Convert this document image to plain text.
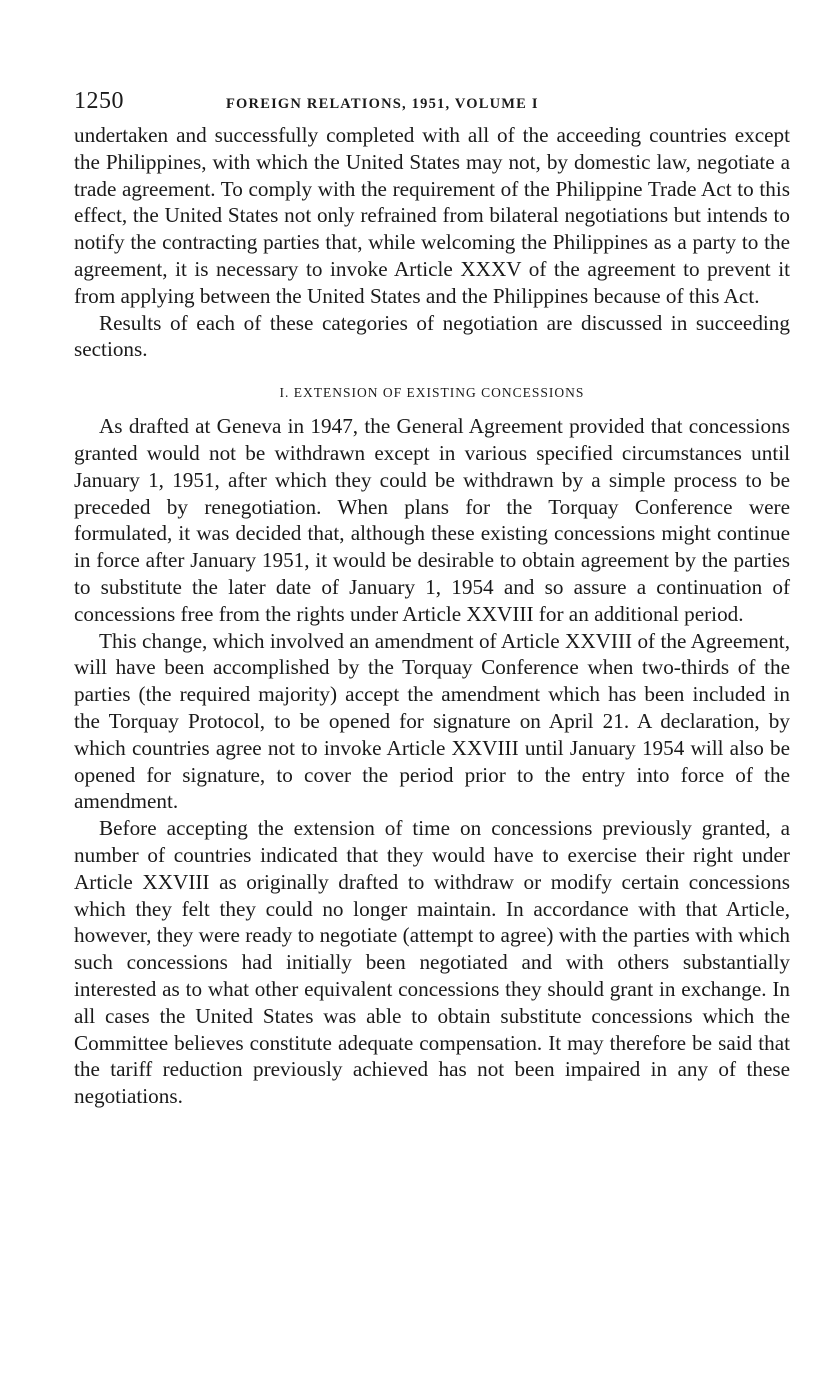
1250	FOREIGN RELATIONS, 1951, VOLUME I

undertaken and successfully completed with all of the acceeding countries except the Philippines, with which the United States may not, by domestic law, negotiate a trade agreement. To comply with the requirement of the Philippine Trade Act to this effect, the United States not only refrained from bilateral negotiations but intends to notify the contracting parties that, while welcoming the Philippines as a party to the agreement, it is necessary to invoke Article XXXV of the agreement to prevent it from applying between the United States and the Philippines because of this Act.

Results of each of these categories of negotiation are discussed in succeeding sections.

I. EXTENSION OF EXISTING CONCESSIONS

As drafted at Geneva in 1947, the General Agreement provided that concessions granted would not be withdrawn except in various specified circumstances until January 1, 1951, after which they could be withdrawn by a simple process to be preceded by renegotiation. When plans for the Torquay Conference were formulated, it was decided that, although these existing concessions might continue in force after January 1951, it would be desirable to obtain agreement by the parties to substitute the later date of January 1, 1954 and so assure a continuation of concessions free from the rights under Article XXVIII for an additional period.

This change, which involved an amendment of Article XXVIII of the Agreement, will have been accomplished by the Torquay Conference when two-thirds of the parties (the required majority) accept the amendment which has been included in the Torquay Protocol, to be opened for signature on April 21. A declaration, by which countries agree not to invoke Article XXVIII until January 1954 will also be opened for signature, to cover the period prior to the entry into force of the amendment.

Before accepting the extension of time on concessions previously granted, a number of countries indicated that they would have to exercise their right under Article XXVIII as originally drafted to withdraw or modify certain concessions which they felt they could no longer maintain. In accordance with that Article, however, they were ready to negotiate (attempt to agree) with the parties with which such concessions had initially been negotiated and with others substantially interested as to what other equivalent concessions they should grant in exchange. In all cases the United States was able to obtain substitute concessions which the Committee believes constitute adequate compensation. It may therefore be said that the tariff reduction previously achieved has not been impaired in any of these negotiations.
